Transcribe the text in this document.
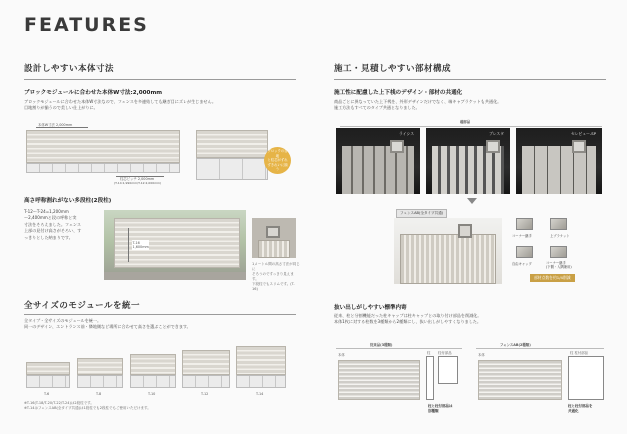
FEATURES
設計しやすい本体寸法
ブロックモジュールに合わせた本体W寸法:2,000mm
ブロックモジュールに合わせた本体W寸法なので、フェンスを多連結しても継ぎ目にズレが生じません。
目地割りが揃うので美しい仕上がりに。
本体W寸法 2,000mm
柱芯ピッチ 2,000mm
(T-14:1,990mm/T-12:2,000mm)
ブロックの目地
と柱芯がずれ
ずきれいに揃う
高さ呼称割れがない多段柱(2段柱)
T-12〜T-24=1,200mm
〜2,400mmと段の呼称と実
寸法をそろえました。フェンス
上部の見付け高さがそろい、す
っきりとした納まりです。
T-16
1,600mm
1メートル間の高さ寸法が同じに
そろうのですっきり見えます。
下段柱でもスリムです。(T-16)
全サイズのモジュールを統一
全タイプ・全サイズのモジュールを統一。
同一のデザイン、エントランス前・隣地側など場所に合わせて高さを選ぶことができます。
T-6	T-8	T-10	T-12	T-14
※T-16(T-18/T-20/T-22/T-24)は2段柱です。
※T-14はフェンスAB(全タイプ共通)は1段柱でも2段柱でもご使用いただけます。
施工・見積しやすい部材構成
施工性に配慮した上下桟のデザイン・部材の共通化
商品ごとに異なっていた上下桟を、外形デザインだけでなく、端キャブラケットも共通化。
施工方法もすべてのタイプ共通となりました。
端部品
ライシス	ブレスタ	セレビュー-SP
フェンスAB(全タイプ共通)
コーナー継手	上ブラケット
自由キャップ	コーナー継手
(下側・入隅兼用)
部材点数を約1/4削減
抜い出しがしやすい標準内寄
従来、柱と分割機能だった柱キャップは柱キャップとの取り付け部品を削減化。
本体1枚に対する柱数を3種類から2種類にし、抜い出しがしやすくなりました。
従来品(3種類)	フェンスAB(2種類)
本体	柱 柱付部品
柱と柱付部品は
別種類
本体	柱 柱付部品
柱と柱付部品を
共通化
